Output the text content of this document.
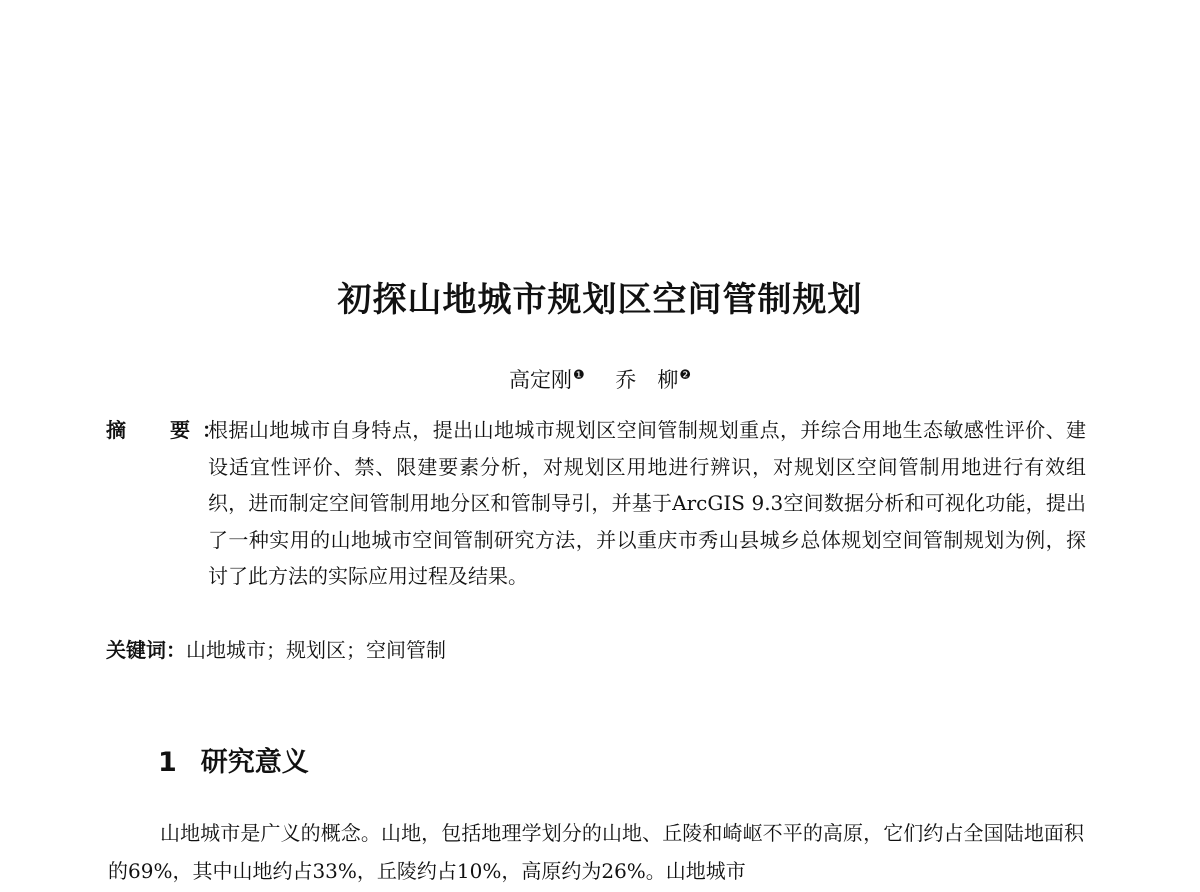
初探山地城市规划区空间管制规划
高定刚$^❶$ 乔　柳$^❷$
摘　要：
根据山地城市自身特点，提出山地城市规划区空间管制规划重点，并综合用地生态敏感性评价、建设适宜性评价、禁、限建要素分析，对规划区用地进行辨识，对规划区空间管制用地进行有效组织，进而制定空间管制用地分区和管制导引，并基于ArcGIS 9.3空间数据分析和可视化功能，提出了一种实用的山地城市空间管制研究方法，并以重庆市秀山县城乡总体规划空间管制规划为例，探讨了此方法的实际应用过程及结果。
关键词：山地城市；规划区；空间管制
1 研究意义

山地城市是广义的概念。山地，包括地理学划分的山地、丘陵和崎岖不平的高原，它们约占全国陆地面积的69%，其中山地约占33%，丘陵约占10%，高原约为26%。山地城市
